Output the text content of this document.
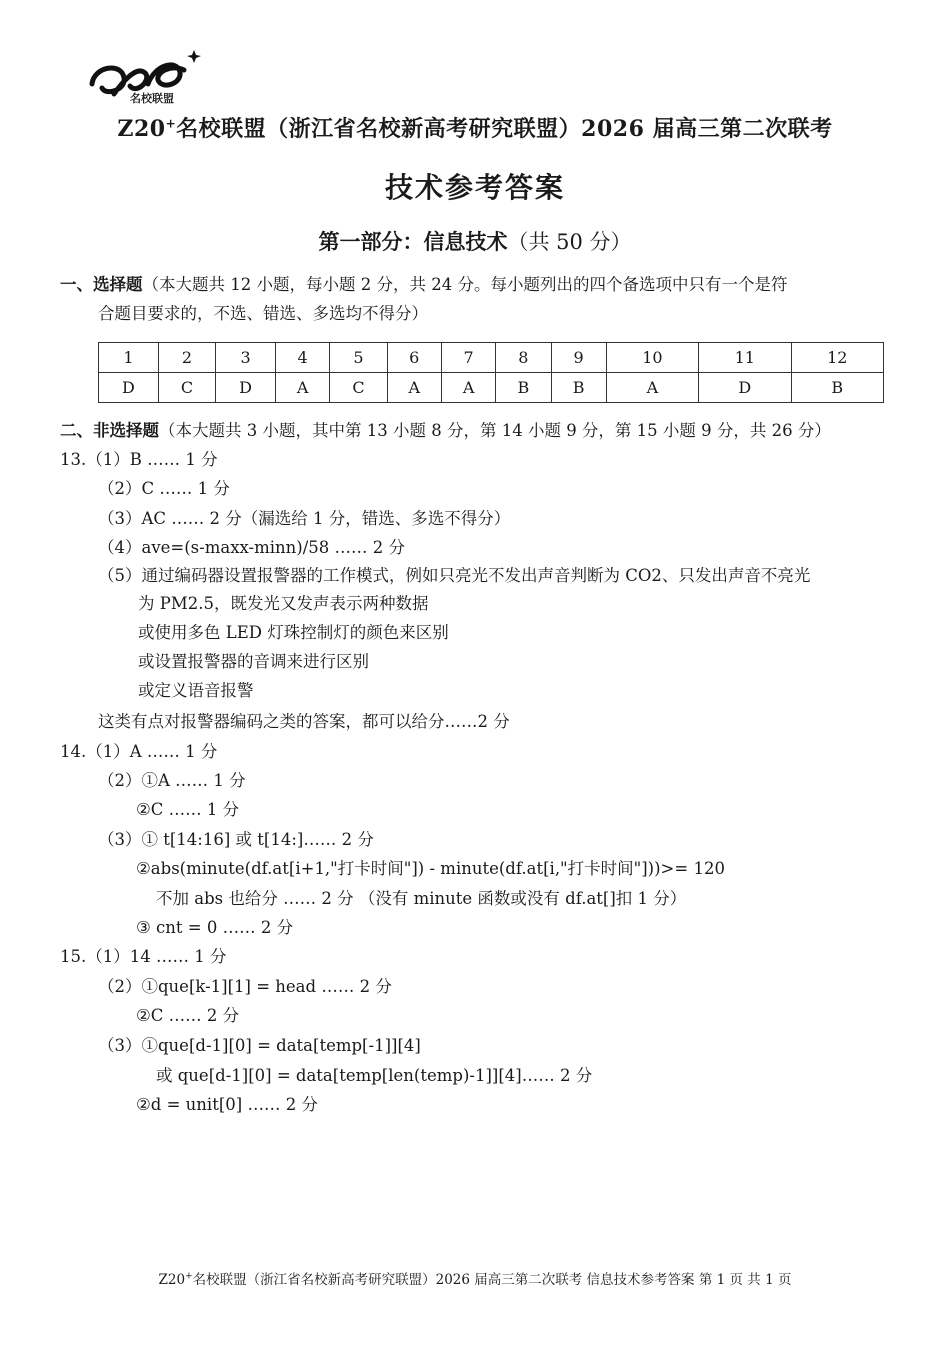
名校联盟
Z20+名校联盟（浙江省名校新高考研究联盟）2026 届高三第二次联考
技术参考答案
第一部分：信息技术（共 50 分）
一、选择题（本大题共 12 小题，每小题 2 分，共 24 分。每小题列出的四个备选项中只有一个是符
合题目要求的，不选、错选、多选均不得分）
1	2	3	4	5	6	7	8	9	10	11	12
D	C	D	A	C	A	A	B	B	A	D	B
二、非选择题（本大题共 3 小题，其中第 13 小题 8 分，第 14 小题 9 分，第 15 小题 9 分，共 26 分）
13.（1）B …… 1 分
（2）C …… 1 分
（3）AC …… 2 分（漏选给 1 分，错选、多选不得分）
（4）ave=(s-maxx-minn)/58 …… 2 分
（5）通过编码器设置报警器的工作模式，例如只亮光不发出声音判断为 CO2、只发出声音不亮光
为 PM2.5，既发光又发声表示两种数据
或使用多色 LED 灯珠控制灯的颜色来区别
或设置报警器的音调来进行区别
或定义语音报警
这类有点对报警器编码之类的答案，都可以给分……2 分
14.（1）A …… 1 分
（2）①A …… 1 分
②C …… 1 分
（3）① t[14:16] 或 t[14:]…… 2 分
②abs(minute(df.at[i+1,"打卡时间"]) - minute(df.at[i,"打卡时间"]))>= 120
不加 abs 也给分 …… 2 分 （没有 minute 函数或没有 df.at[]扣 1 分）
③ cnt = 0 …… 2 分
15.（1）14 …… 1 分
（2）①que[k-1][1] = head …… 2 分
②C …… 2 分
（3）①que[d-1][0] = data[temp[-1]][4]
或 que[d-1][0] = data[temp[len(temp)-1]][4]…… 2 分
②d = unit[0] …… 2 分
Z20+名校联盟（浙江省名校新高考研究联盟）2026 届高三第二次联考 信息技术参考答案 第 1 页 共 1 页
